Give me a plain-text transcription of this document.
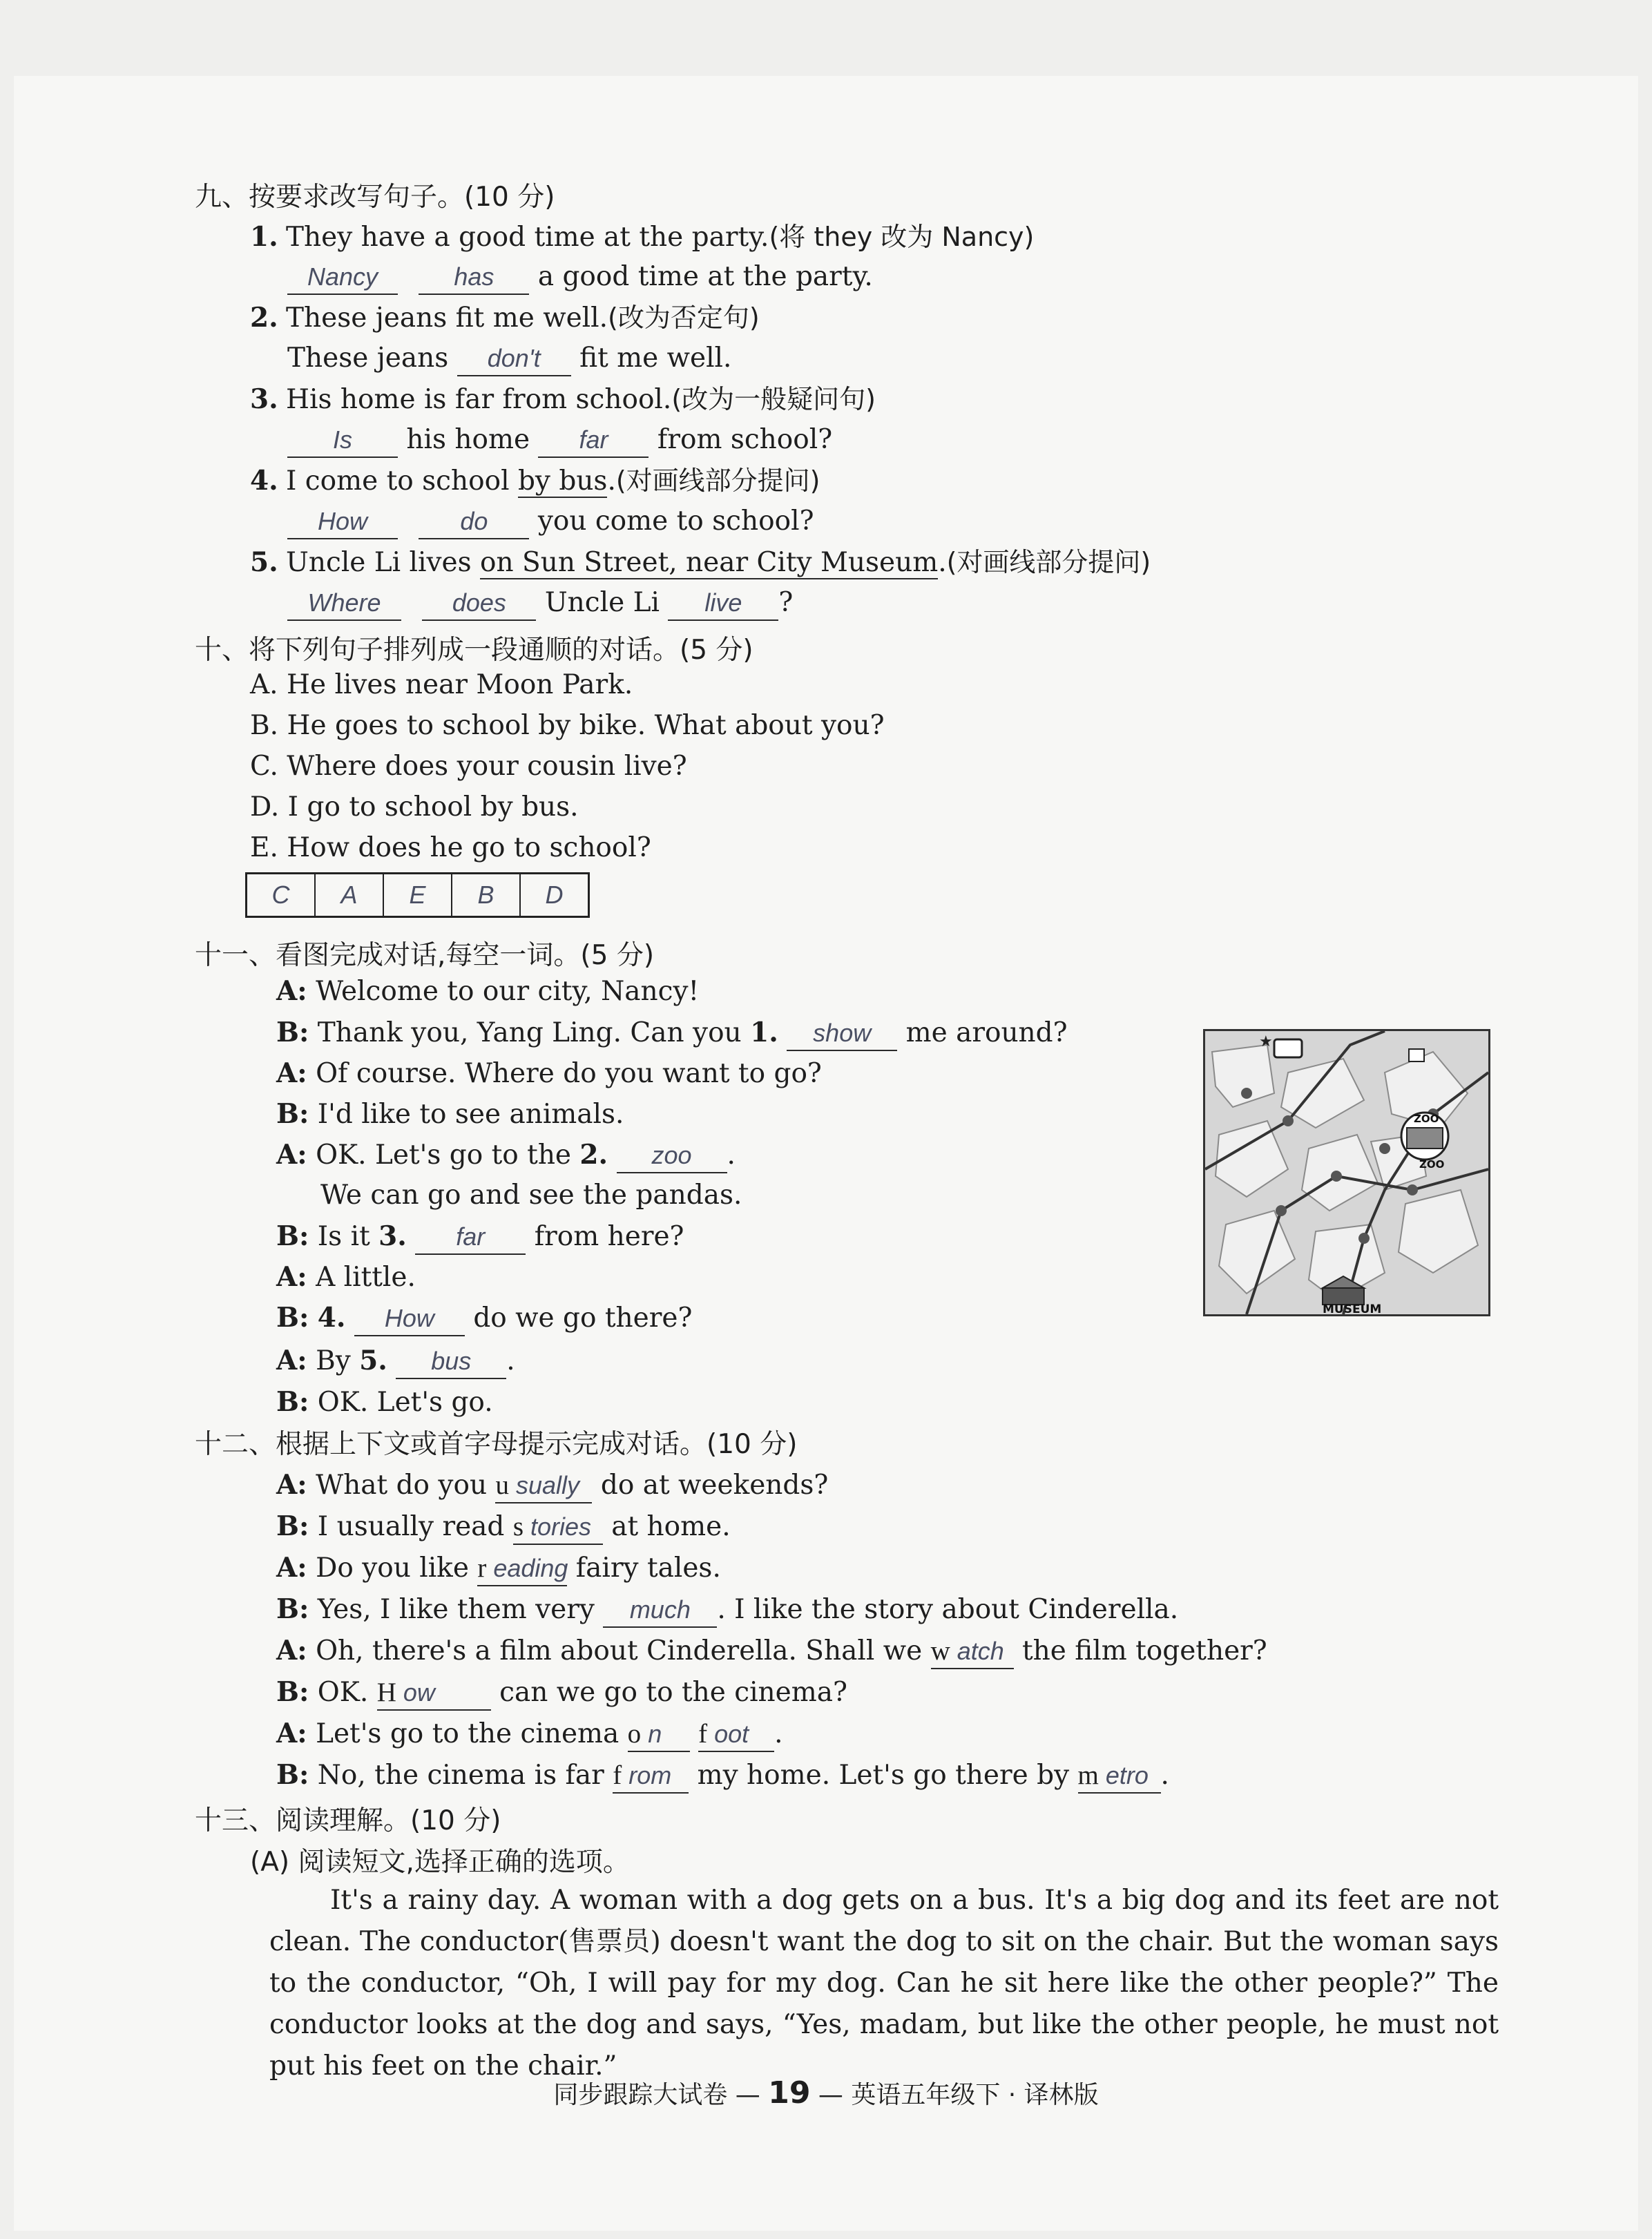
九、按要求改写句子。(10 分)
1. They have a good time at the party.(将 they 改为 Nancy)
Nancy	has a good time at the party.
2. These jeans fit me well.(改为否定句)
These jeans don't fit me well.
3. His home is far from school.(改为一般疑问句)
Is his home far from school?
4. I come to school by bus.(对画线部分提问)
How	do you come to school?
5. Uncle Li lives on Sun Street, near City Museum.(对画线部分提问)
Where	does Uncle Li live ?
十、将下列句子排列成一段通顺的对话。(5 分)
A. He lives near Moon Park.
B. He goes to school by bike. What about you?
C. Where does your cousin live?
D. I go to school by bus.
E. How does he go to school?
C	A	E	B	D
十一、看图完成对话,每空一词。(5 分)
A: Welcome to our city, Nancy!
B: Thank you, Yang Ling. Can you 1. show me around?
A: Of course. Where do you want to go?
B: I'd like to see animals.
A: OK. Let's go to the 2. zoo .
We can go and see the pandas.
B: Is it 3. far from here?
A: A little.
B: 4. How do we go there?
A: By 5. bus .
B: OK. Let's go.
ZOO
ZOO
MUSEUM
★
十二、根据上下文或首字母提示完成对话。(10 分)
A: What do you u sually do at weekends?
B: I usually read s tories at home.
A: Do you like r eading fairy tales.
B: Yes, I like them very much . I like the story about Cinderella.
A: Oh, there's a film about Cinderella. Shall we w atch the film together?
B: OK. H ow can we go to the cinema?
A: Let's go to the cinema o n f oot .
B: No, the cinema is far f rom my home. Let's go there by m etro .
十三、阅读理解。(10 分)
(A) 阅读短文,选择正确的选项。
It's a rainy day. A woman with a dog gets on a bus. It's a big dog and its feet are not clean. The conductor(售票员) doesn't want the dog to sit on the chair. But the woman says to the conductor, “Oh, I will pay for my dog. Can he sit here like the other people?” The conductor looks at the dog and says, “Yes, madam, but like the other people, he must not put his feet on the chair.”
同步跟踪大试卷 — 19 — 英语五年级下 · 译林版
